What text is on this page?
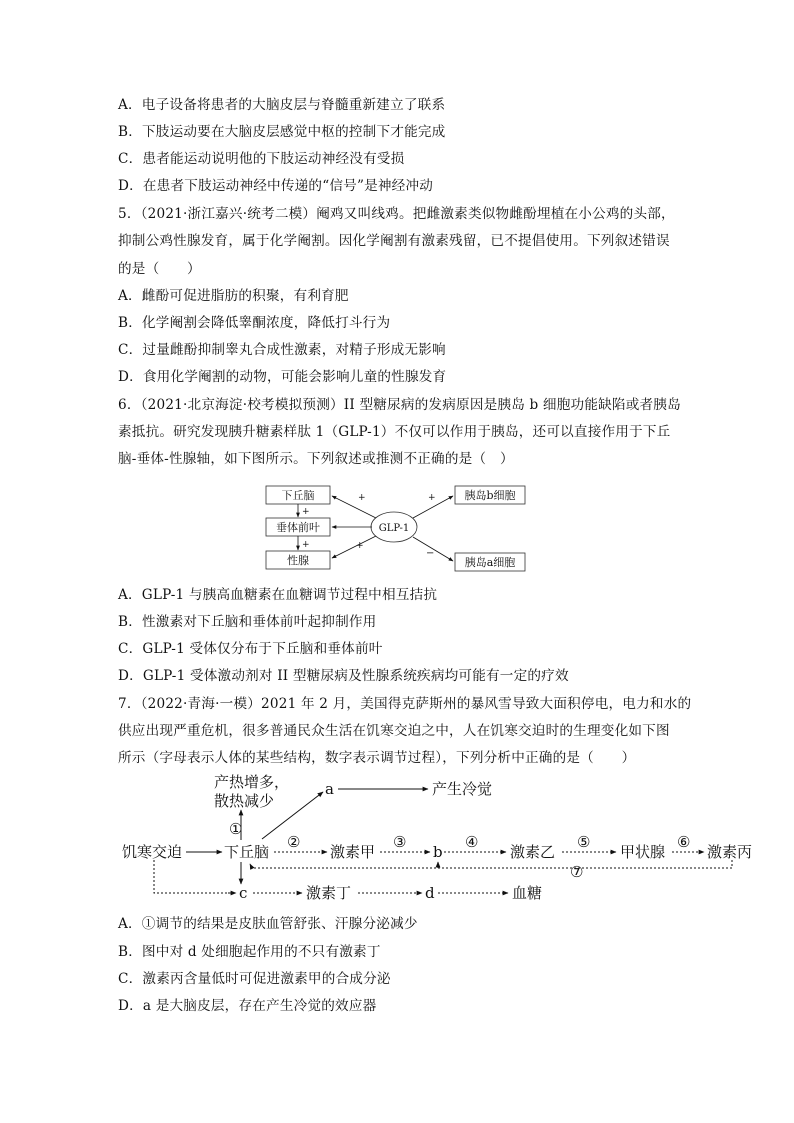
A．电子设备将患者的大脑皮层与脊髓重新建立了联系
B．下肢运动要在大脑皮层感觉中枢的控制下才能完成
C．患者能运动说明他的下肢运动神经没有受损
D．在患者下肢运动神经中传递的“信号”是神经冲动
5．（2021·浙江嘉兴·统考二模）阉鸡又叫线鸡。把雌激素类似物雌酚埋植在小公鸡的头部，
抑制公鸡性腺发育，属于化学阉割。因化学阉割有激素残留，已不提倡使用。下列叙述错误
的是（　　）
A．雌酚可促进脂肪的积聚，有利育肥
B．化学阉割会降低睾酮浓度，降低打斗行为
C．过量雌酚抑制睾丸合成性激素，对精子形成无影响
D．食用化学阉割的动物，可能会影响儿童的性腺发育
6．（2021·北京海淀·校考模拟预测）II 型糖尿病的发病原因是胰岛 b 细胞功能缺陷或者胰岛
素抵抗。研究发现胰升糖素样肽 1（GLP-1）不仅可以作用于胰岛，还可以直接作用于下丘
脑-垂体-性腺轴，如下图所示。下列叙述或推测不正确的是（　）
下丘脑
垂体前叶
性腺
+
+
GLP-1
+
+
胰岛b细胞
胰岛a细胞
+
−
A．GLP-1 与胰高血糖素在血糖调节过程中相互拮抗
B．性激素对下丘脑和垂体前叶起抑制作用
C．GLP-1 受体仅分布于下丘脑和垂体前叶
D．GLP-1 受体激动剂对 II 型糖尿病及性腺系统疾病均可能有一定的疗效
7．（2022·青海·一模）2021 年 2 月，美国得克萨斯州的暴风雪导致大面积停电，电力和水的
供应出现严重危机，很多普通民众生活在饥寒交迫之中，人在饥寒交迫时的生理变化如下图
所示（字母表示人体的某些结构，数字表示调节过程），下列分析中正确的是（　　）
产热增多，
散热减少
a	产生冷觉
饥寒交迫	下丘脑	激素甲	b	激素乙	甲状腺	激素丙
c	激素丁	d	血糖
①
②	③	④	⑤	⑥
⑦
A．①调节的结果是皮肤血管舒张、汗腺分泌减少
B．图中对 d 处细胞起作用的不只有激素丁
C．激素丙含量低时可促进激素甲的合成分泌
D．a 是大脑皮层，存在产生冷觉的效应器
